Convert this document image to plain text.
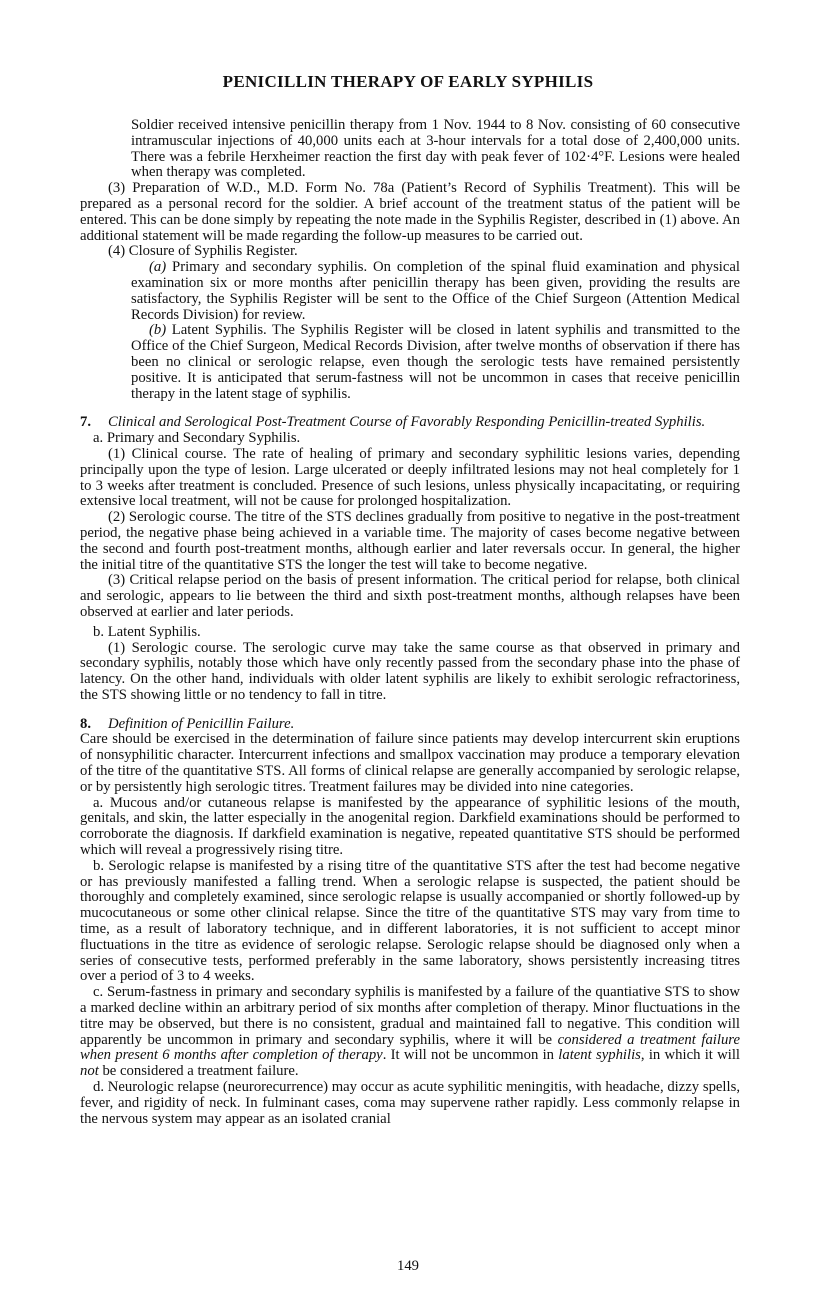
PENICILLIN THERAPY OF EARLY SYPHILIS

Soldier received intensive penicillin therapy from 1 Nov. 1944 to 8 Nov. consisting of 60 consecutive intramuscular injections of 40,000 units each at 3-hour intervals for a total dose of 2,400,000 units. There was a febrile Herxheimer reaction the first day with peak fever of 102·4°F. Lesions were healed when therapy was completed.

(3) Preparation of W.D., M.D. Form No. 78a (Patient’s Record of Syphilis Treatment). This will be prepared as a personal record for the soldier. A brief account of the treatment status of the patient will be entered. This can be done simply by repeating the note made in the Syphilis Register, described in (1) above. An additional statement will be made regarding the follow-up measures to be carried out.

(4) Closure of Syphilis Register.

(a) Primary and secondary syphilis. On completion of the spinal fluid examination and physical examination six or more months after penicillin therapy has been given, providing the results are satisfactory, the Syphilis Register will be sent to the Office of the Chief Surgeon (Attention Medical Records Division) for review.

(b) Latent Syphilis. The Syphilis Register will be closed in latent syphilis and transmitted to the Office of the Chief Surgeon, Medical Records Division, after twelve months of observation if there has been no clinical or serologic relapse, even though the serologic tests have remained persistently positive. It is anticipated that serum-fastness will not be uncommon in cases that receive penicillin therapy in the latent stage of syphilis.

7.	Clinical and Serological Post-Treatment Course of Favorably Responding Penicillin-treated Syphilis.

a. Primary and Secondary Syphilis.

(1) Clinical course. The rate of healing of primary and secondary syphilitic lesions varies, depending principally upon the type of lesion. Large ulcerated or deeply infiltrated lesions may not heal completely for 1 to 3 weeks after treatment is concluded. Presence of such lesions, unless physically incapacitating, or requiring extensive local treatment, will not be cause for prolonged hospitalization.

(2) Serologic course. The titre of the STS declines gradually from positive to negative in the post-treatment period, the negative phase being achieved in a variable time. The majority of cases become negative between the second and fourth post-treatment months, although earlier and later reversals occur. In general, the higher the initial titre of the quantitative STS the longer the test will take to become negative.

(3) Critical relapse period on the basis of present information. The critical period for relapse, both clinical and serologic, appears to lie between the third and sixth post-treatment months, although relapses have been observed at earlier and later periods.

b. Latent Syphilis.

(1) Serologic course. The serologic curve may take the same course as that observed in primary and secondary syphilis, notably those which have only recently passed from the secondary phase into the phase of latency. On the other hand, individuals with older latent syphilis are likely to exhibit serologic refractoriness, the STS showing little or no tendency to fall in titre.

8.	Definition of Penicillin Failure.

Care should be exercised in the determination of failure since patients may develop intercurrent skin eruptions of nonsyphilitic character. Intercurrent infections and smallpox vaccination may produce a temporary elevation of the titre of the quantitative STS. All forms of clinical relapse are generally accompanied by serologic relapse, or by persistently high serologic titres. Treatment failures may be divided into nine categories.

a. Mucous and/or cutaneous relapse is manifested by the appearance of syphilitic lesions of the mouth, genitals, and skin, the latter especially in the anogenital region. Darkfield examinations should be performed to corroborate the diagnosis. If darkfield examination is negative, repeated quantitative STS should be performed which will reveal a progressively rising titre.

b. Serologic relapse is manifested by a rising titre of the quantitative STS after the test had become negative or has previously manifested a falling trend. When a serologic relapse is suspected, the patient should be thoroughly and completely examined, since serologic relapse is usually accompanied or shortly followed-up by mucocutaneous or some other clinical relapse. Since the titre of the quantitative STS may vary from time to time, as a result of laboratory technique, and in different laboratories, it is not sufficient to accept minor fluctuations in the titre as evidence of serologic relapse. Serologic relapse should be diagnosed only when a series of consecutive tests, performed preferably in the same laboratory, shows persistently increasing titres over a period of 3 to 4 weeks.

c. Serum-fastness in primary and secondary syphilis is manifested by a failure of the quantiative STS to show a marked decline within an arbitrary period of six months after completion of therapy. Minor fluctuations in the titre may be observed, but there is no consistent, gradual and maintained fall to negative. This condition will apparently be uncommon in primary and secondary syphilis, where it will be considered a treatment failure when present 6 months after completion of therapy. It will not be uncommon in latent syphilis, in which it will not be considered a treatment failure.

d. Neurologic relapse (neurorecurrence) may occur as acute syphilitic meningitis, with headache, dizzy spells, fever, and rigidity of neck. In fulminant cases, coma may supervene rather rapidly. Less commonly relapse in the nervous system may appear as an isolated cranial

149
